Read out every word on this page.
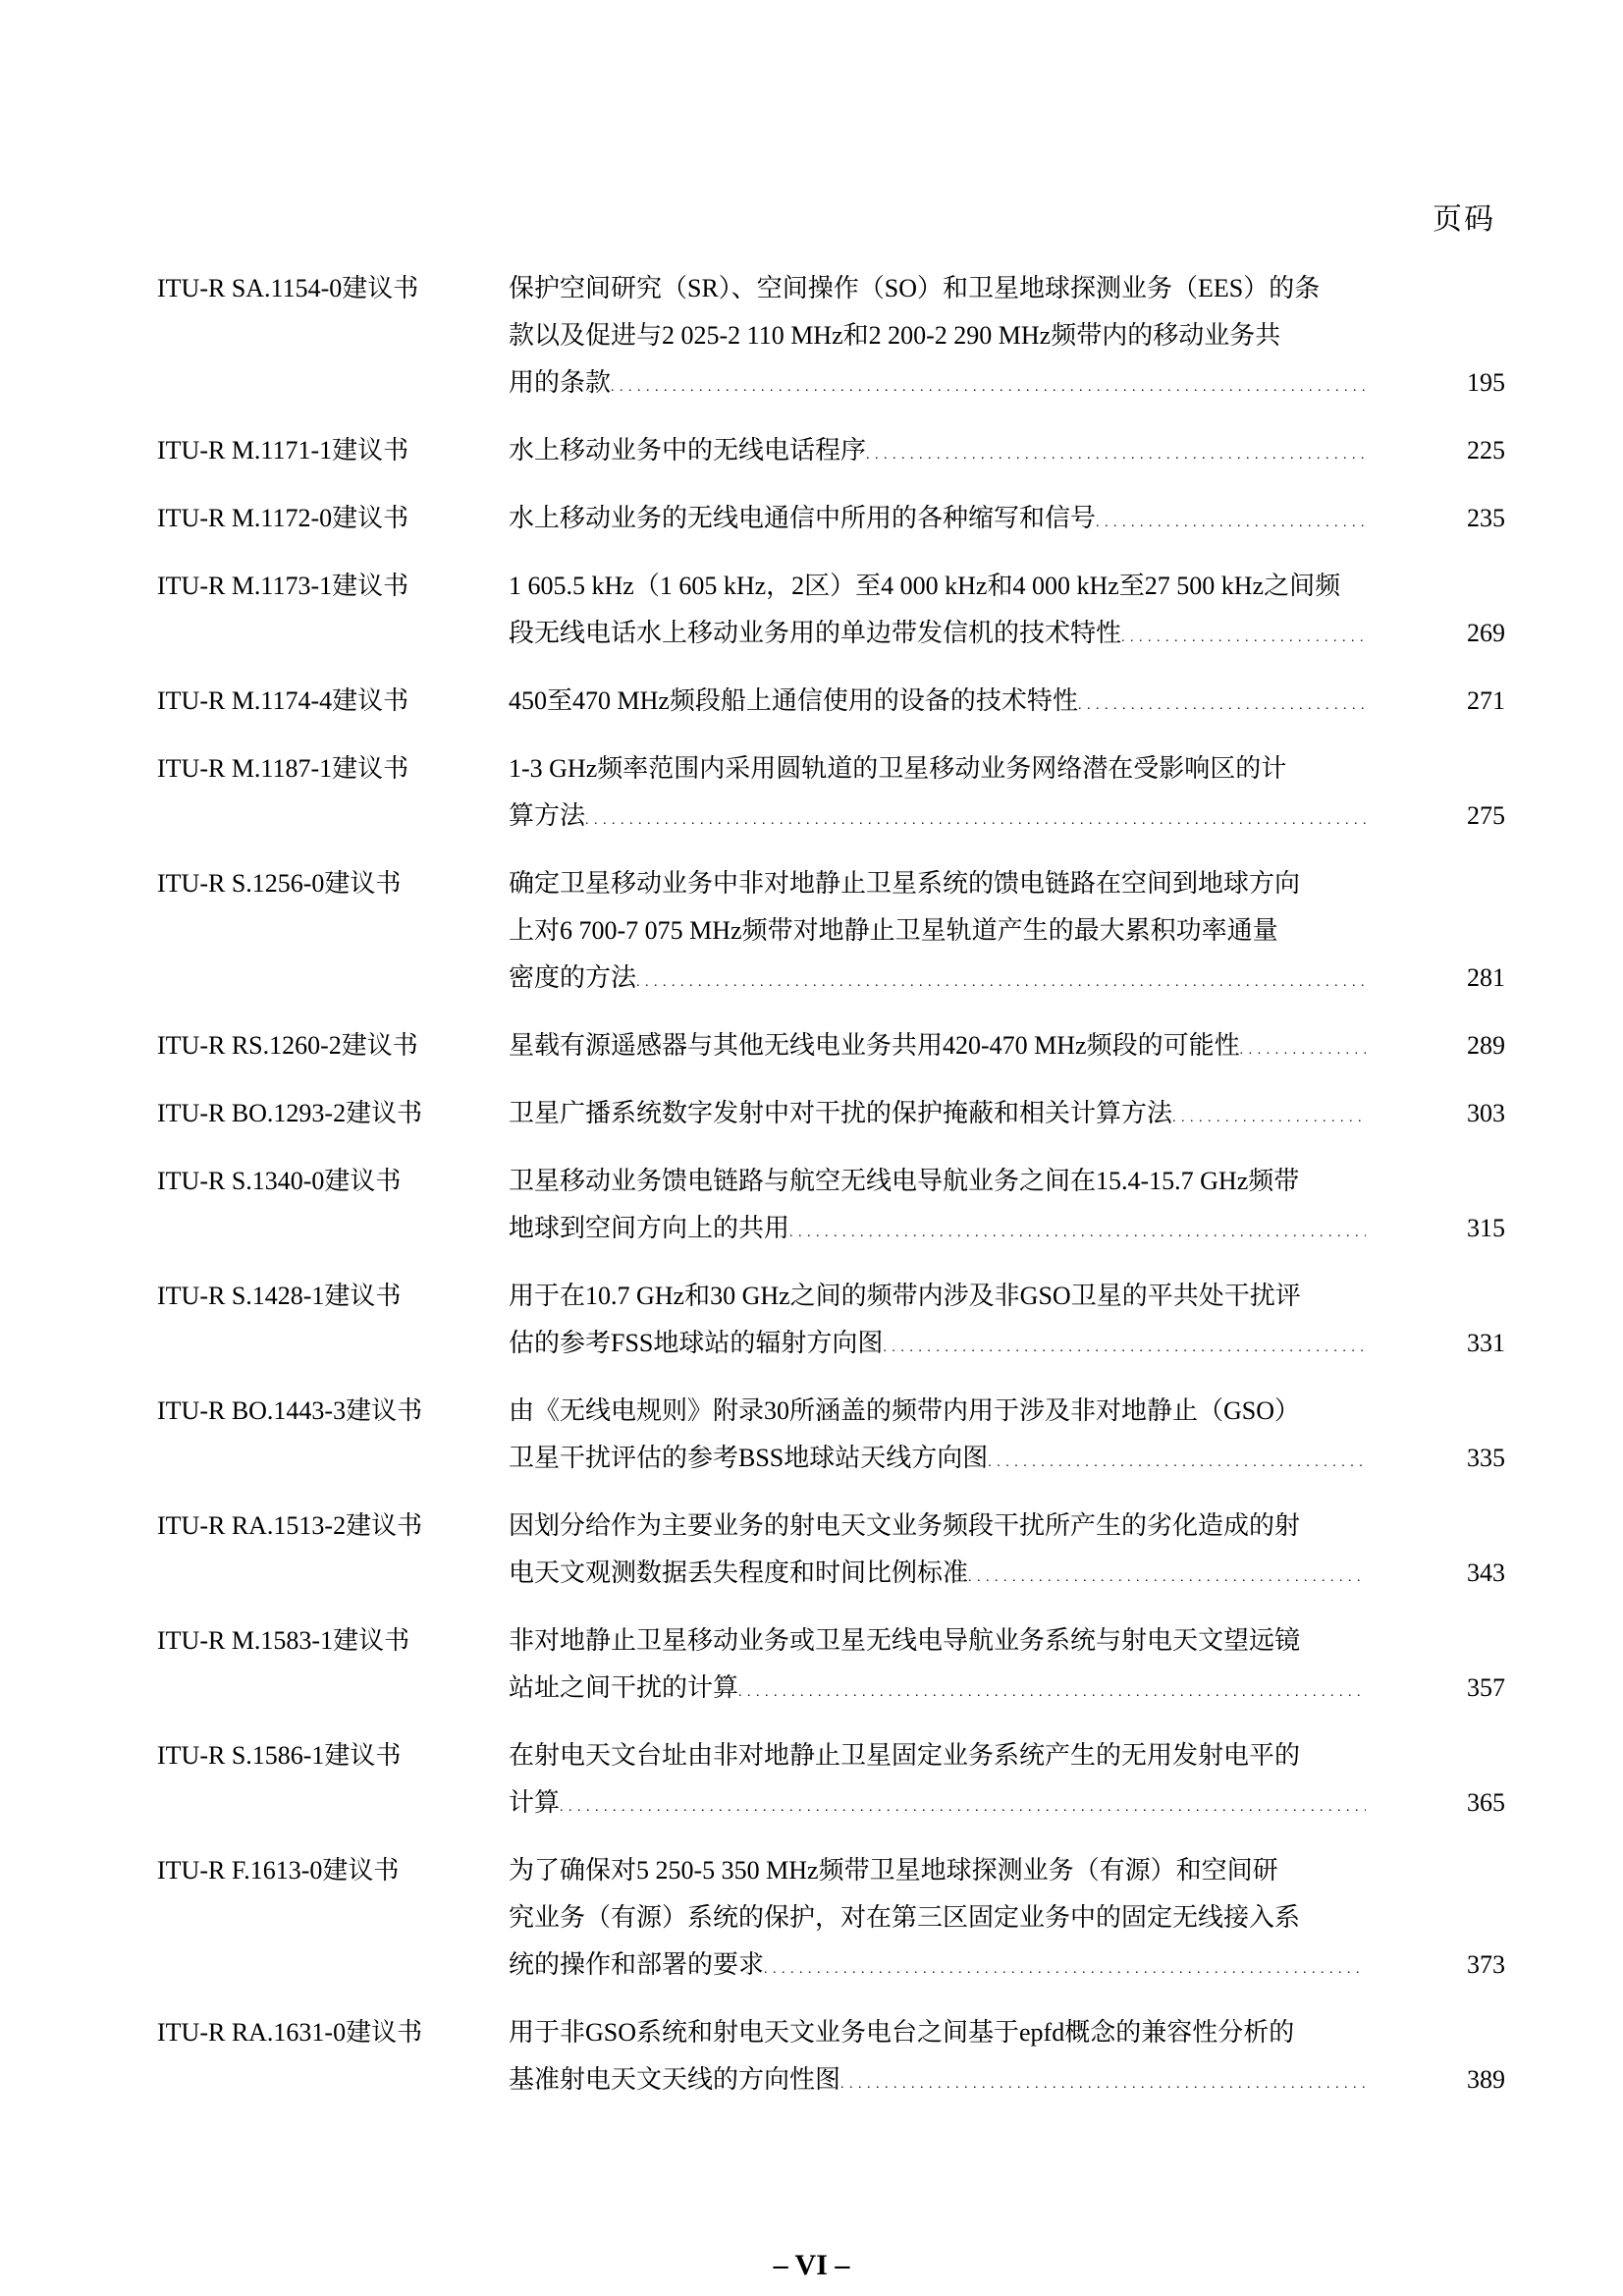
页码
ITU-R SA.1154-0建议书	保护空间研究（SR）、空间操作（SO）和卫星地球探测业务（EES）的条
款以及促进与2 025-2 110 MHz和2 200-2 290 MHz频带内的移动业务共
用的条款 . . .	195
ITU-R M.1171-1建议书	水上移动业务中的无线电话程序 . . .	225
ITU-R M.1172-0建议书	水上移动业务的无线电通信中所用的各种缩写和信号 . . .	235
ITU-R M.1173-1建议书	1 605.5 kHz（1 605 kHz，2区）至4 000 kHz和4 000 kHz至27 500 kHz之间频
段无线电话水上移动业务用的单边带发信机的技术特性 . . .	269
ITU-R M.1174-4建议书	450至470 MHz频段船上通信使用的设备的技术特性 . . .	271
ITU-R M.1187-1建议书	1-3 GHz频率范围内采用圆轨道的卫星移动业务网络潜在受影响区的计
算方法 . . .	275
ITU-R S.1256-0建议书	确定卫星移动业务中非对地静止卫星系统的馈电链路在空间到地球方向
上对6 700-7 075 MHz频带对地静止卫星轨道产生的最大累积功率通量
密度的方法 . . .	281
ITU-R RS.1260-2建议书	星载有源遥感器与其他无线电业务共用420-470 MHz频段的可能性 . . .	289
ITU-R BO.1293-2建议书	卫星广播系统数字发射中对干扰的保护掩蔽和相关计算方法 . . .	303
ITU-R S.1340-0建议书	卫星移动业务馈电链路与航空无线电导航业务之间在15.4-15.7 GHz频带
地球到空间方向上的共用 . . .	315
ITU-R S.1428-1建议书	用于在10.7 GHz和30 GHz之间的频带内涉及非GSO卫星的平共处干扰评
估的参考FSS地球站的辐射方向图 . . .	331
ITU-R BO.1443-3建议书	由《无线电规则》附录30所涵盖的频带内用于涉及非对地静止（GSO）
卫星干扰评估的参考BSS地球站天线方向图 . . .	335
ITU-R RA.1513-2建议书	因划分给作为主要业务的射电天文业务频段干扰所产生的劣化造成的射
电天文观测数据丢失程度和时间比例标准 . . .	343
ITU-R M.1583-1建议书	非对地静止卫星移动业务或卫星无线电导航业务系统与射电天文望远镜
站址之间干扰的计算 . . .	357
ITU-R S.1586-1建议书	在射电天文台址由非对地静止卫星固定业务系统产生的无用发射电平的
计算 . . .	365
ITU-R F.1613-0建议书	为了确保对5 250-5 350 MHz频带卫星地球探测业务（有源）和空间研
究业务（有源）系统的保护，对在第三区固定业务中的固定无线接入系
统的操作和部署的要求 . . .	373
ITU-R RA.1631-0建议书	用于非GSO系统和射电天文业务电台之间基于epfd概念的兼容性分析的
基准射电天文天线的方向性图 . . .	389
– VI –
